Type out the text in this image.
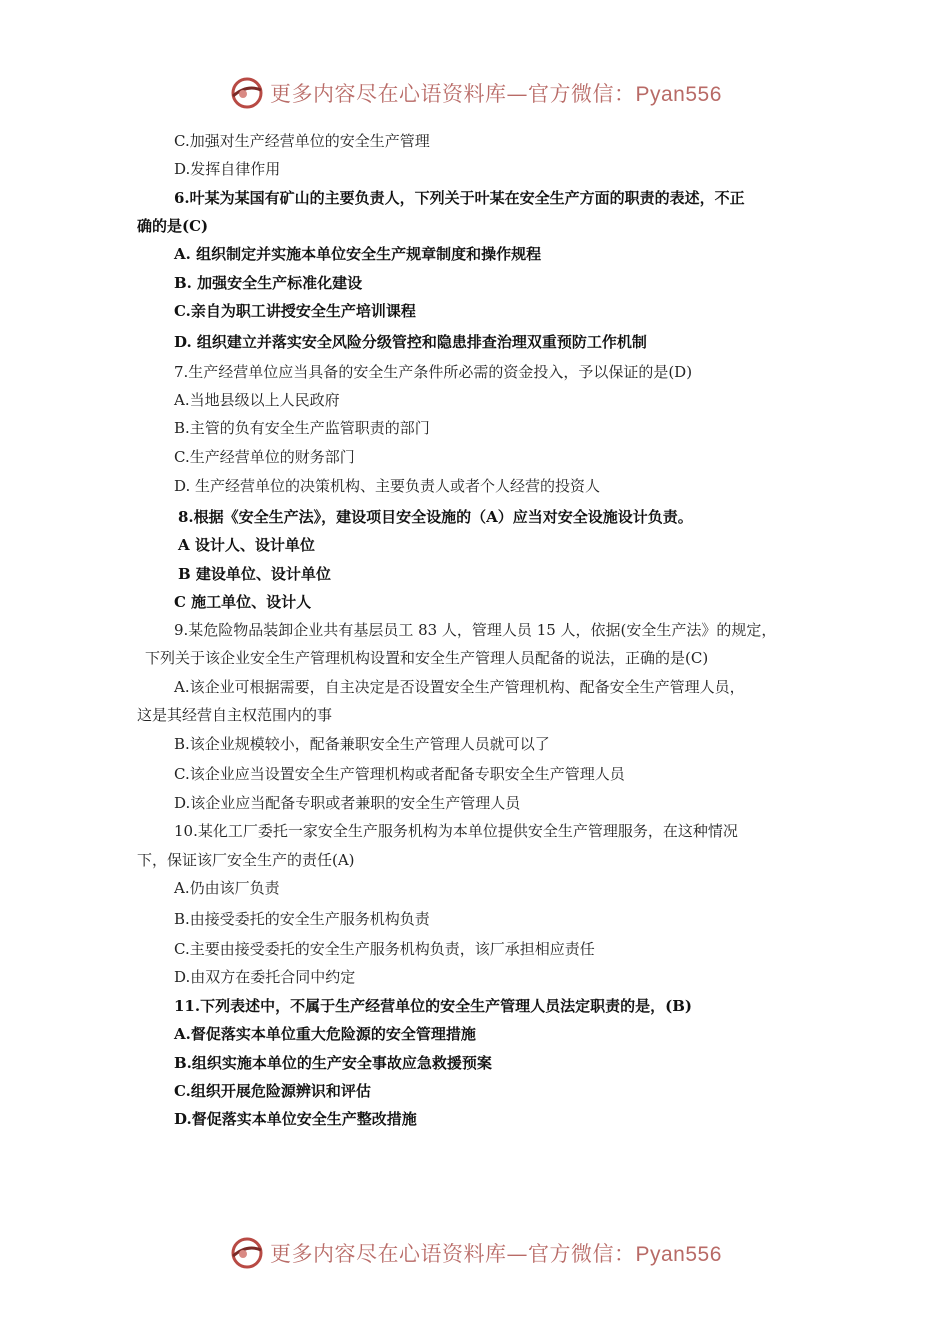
更多内容尽在心语资料库—官方微信：Pyan556
C.加强对生产经营单位的安全生产管理
D.发挥自律作用
6.叶某为某国有矿山的主要负责人，下列关于叶某在安全生产方面的职责的表述，不正
确的是(C)
A. 组织制定并实施本单位安全生产规章制度和操作规程
B. 加强安全生产标准化建设
C.亲自为职工讲授安全生产培训课程
D. 组织建立并落实安全风险分级管控和隐患排查治理双重预防工作机制
7.生产经营单位应当具备的安全生产条件所必需的资金投入，予以保证的是(D)
A.当地县级以上人民政府
B.主管的负有安全生产监管职责的部门
C.生产经营单位的财务部门
D. 生产经营单位的决策机构、主要负责人或者个人经营的投资人
8.根据《安全生产法》，建设项目安全设施的（A）应当对安全设施设计负责。
A 设计人、设计单位
B 建设单位、设计单位
C 施工单位、设计人
9.某危险物品装卸企业共有基层员工 83 人，管理人员 15 人，依据(安全生产法》的规定，
下列关于该企业安全生产管理机构设置和安全生产管理人员配备的说法，正确的是(C)
A.该企业可根据需要，自主决定是否设置安全生产管理机构、配备安全生产管理人员，
这是其经营自主权范围内的事
B.该企业规模较小，配备兼职安全生产管理人员就可以了
C.该企业应当设置安全生产管理机构或者配备专职安全生产管理人员
D.该企业应当配备专职或者兼职的安全生产管理人员
10.某化工厂委托一家安全生产服务机构为本单位提供安全生产管理服务，在这种情况
下，保证该厂安全生产的责任(A)
A.仍由该厂负责
B.由接受委托的安全生产服务机构负责
C.主要由接受委托的安全生产服务机构负责，该厂承担相应责任
D.由双方在委托合同中约定
11.下列表述中，不属于生产经营单位的安全生产管理人员法定职责的是，(B)
A.督促落实本单位重大危险源的安全管理措施
B.组织实施本单位的生产安全事故应急救援预案
C.组织开展危险源辨识和评估
D.督促落实本单位安全生产整改措施
更多内容尽在心语资料库—官方微信：Pyan556
